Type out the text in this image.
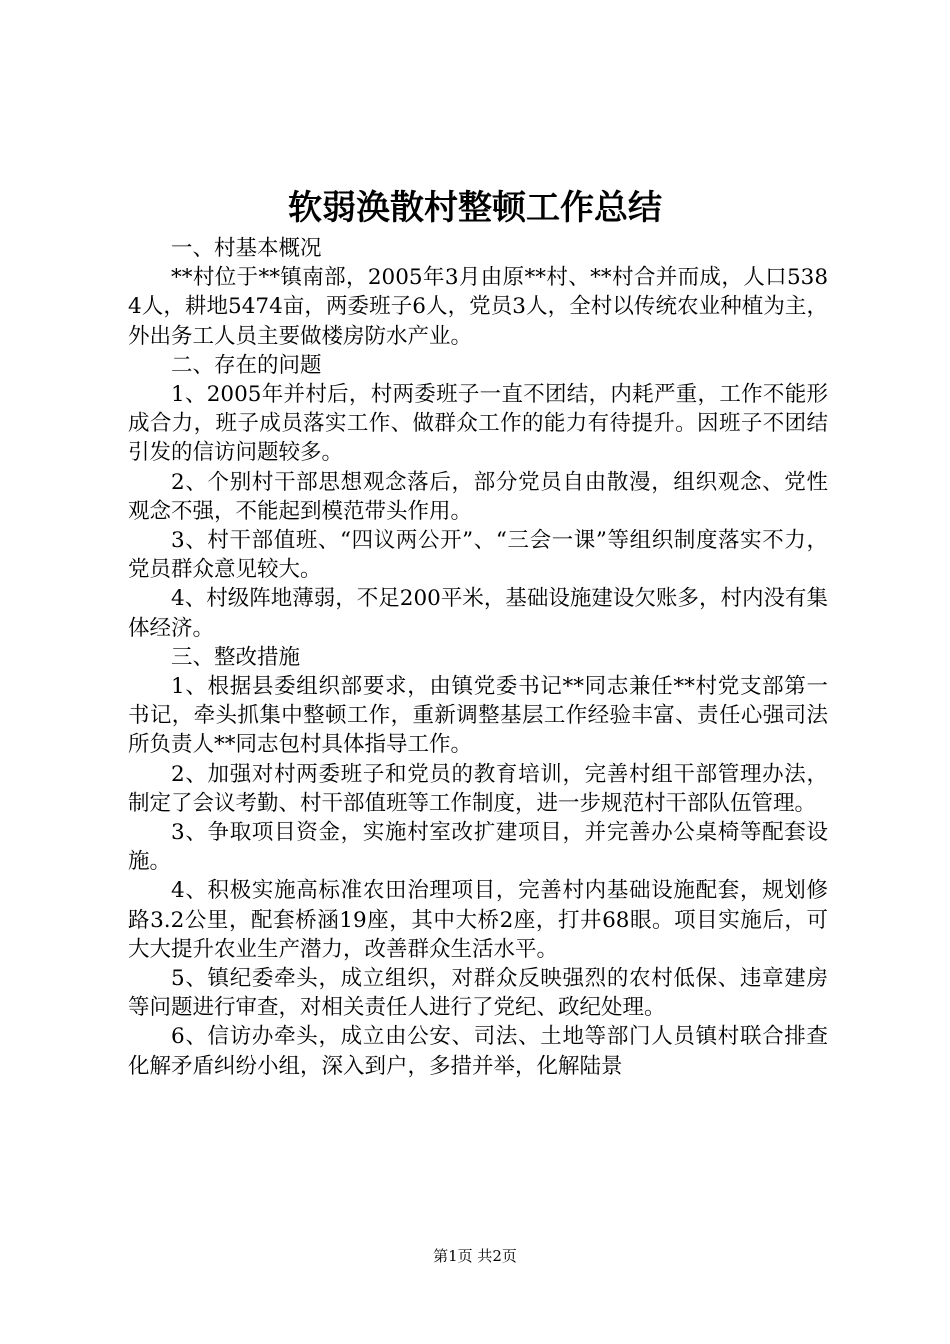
软弱涣散村整顿工作总结

一、村基本概况

**村位于**镇南部，2005年3月由原**村、**村合并而成，人口5384人，耕地5474亩，两委班子6人，党员3人，全村以传统农业种植为主，外出务工人员主要做楼房防水产业。

二、存在的问题

1、2005年并村后，村两委班子一直不团结，内耗严重，工作不能形成合力，班子成员落实工作、做群众工作的能力有待提升。因班子不团结引发的信访问题较多。

2、个别村干部思想观念落后，部分党员自由散漫，组织观念、党性观念不强，不能起到模范带头作用。

3、村干部值班、“四议两公开”、“三会一课”等组织制度落实不力，党员群众意见较大。

4、村级阵地薄弱，不足200平米，基础设施建设欠账多，村内没有集体经济。

三、整改措施

1、根据县委组织部要求，由镇党委书记**同志兼任**村党支部第一书记，牵头抓集中整顿工作，重新调整基层工作经验丰富、责任心强司法所负责人**同志包村具体指导工作。

2、加强对村两委班子和党员的教育培训，完善村组干部管理办法，制定了会议考勤、村干部值班等工作制度，进一步规范村干部队伍管理。

3、争取项目资金，实施村室改扩建项目，并完善办公桌椅等配套设施。

4、积极实施高标准农田治理项目，完善村内基础设施配套，规划修路3.2公里，配套桥涵19座，其中大桥2座，打井68眼。项目实施后，可大大提升农业生产潜力，改善群众生活水平。

5、镇纪委牵头，成立组织，对群众反映强烈的农村低保、违章建房等问题进行审查，对相关责任人进行了党纪、政纪处理。

6、信访办牵头，成立由公安、司法、土地等部门人员镇村联合排查化解矛盾纠纷小组，深入到户，多措并举，化解陆景

第1页 共2页
